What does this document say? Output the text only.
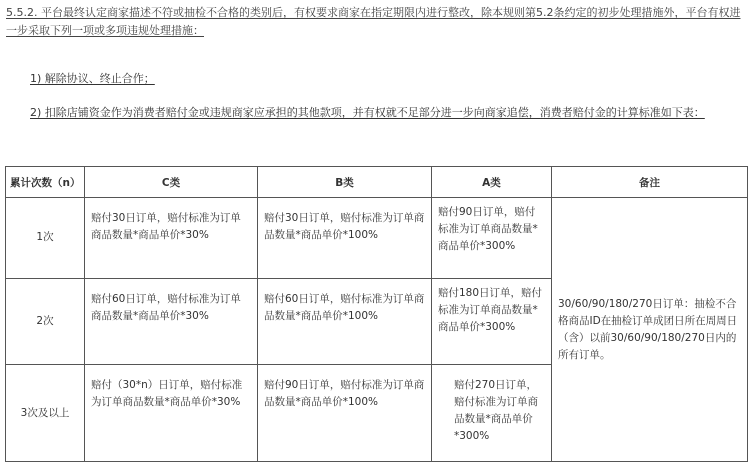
5.5.2. 平台最终认定商家描述不符或抽检不合格的类别后，有权要求商家在指定期限内进行整改，除本规则第5.2条约定的初步处理措施外，平台有权进一步采取下列一项或多项违规处理措施：
1) 解除协议、终止合作；
2) 扣除店铺资金作为消费者赔付金或违规商家应承担的其他款项，并有权就不足部分进一步向商家追偿，消费者赔付金的计算标准如下表：
累计次数（n）	C类	B类	A类	备注
1次	赔付30日订单，赔付标准为订单商品数量*商品单价*30%	赔付30日订单，赔付标准为订单商品数量*商品单价*100%	赔付90日订单，赔付标准为订单商品数量*商品单价*300%	30/60/90/180/270日订单：抽检不合格商品ID在抽检订单成团日所在周周日（含）以前30/60/90/180/270日内的所有订单。
2次	赔付60日订单，赔付标准为订单商品数量*商品单价*30%	赔付60日订单，赔付标准为订单商品数量*商品单价*100%	赔付180日订单，赔付标准为订单商品数量*商品单价*300%	
3次及以上	赔付（30*n）日订单，赔付标准为订单商品数量*商品单价*30%	赔付90日订单，赔付标准为订单商品数量*商品单价*100%	赔付270日订单，赔付标准为订单商品数量*商品单价*300%	
